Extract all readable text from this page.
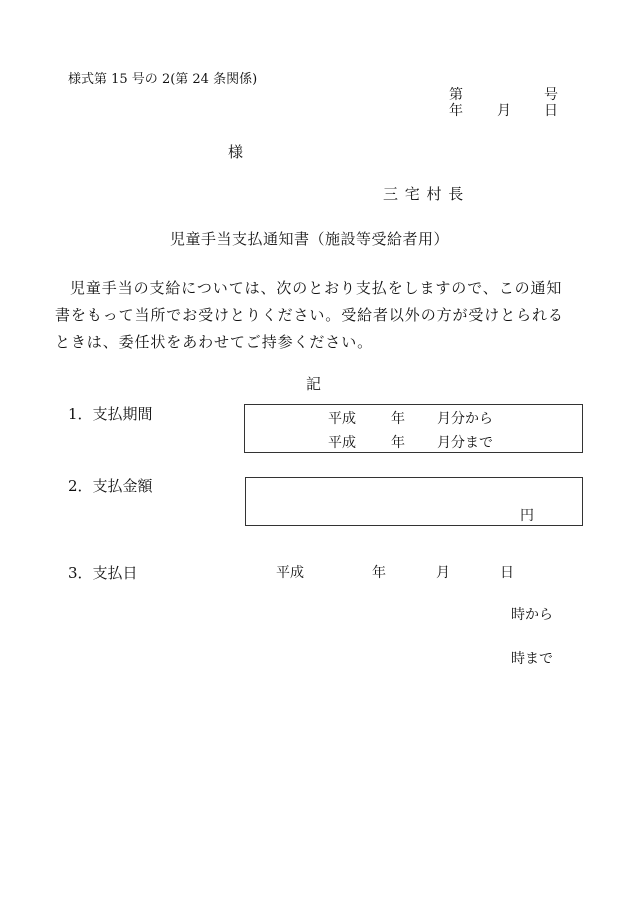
様式第 15 号の 2(第 24 条関係)
第	号
年 月 日
様
三 宅 村 長
児童手当支払通知書（施設等受給者用）
児童手当の支給については、次のとおり支払をしますので、この通知書をもって当所でお受けとりください。受給者以外の方が受けとられるときは、委任状をあわせてご持参ください。
記
1．支払期間	平成	年 月分から
平成	年 月分まで
2．支払金額
円
3．支払日	平成	年	月	日
時から
時まで
